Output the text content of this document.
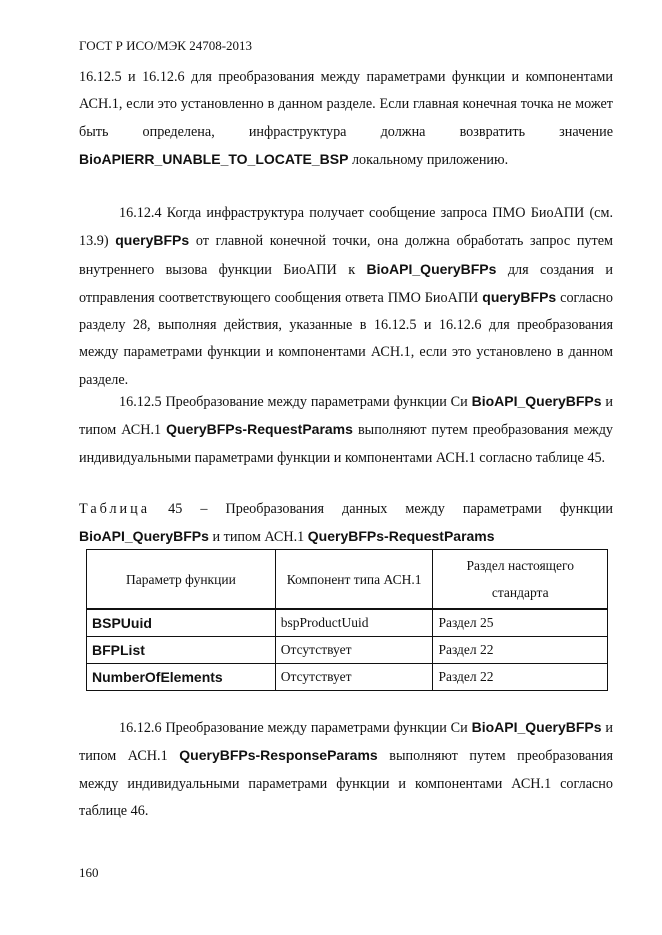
ГОСТ Р ИСО/МЭК 24708-2013
16.12.5 и 16.12.6 для преобразования между параметрами функции и компонентами АСН.1, если это установленно в данном разделе. Если главная конечная точка не может быть определена, инфраструктура должна возвратить значение BioAPIERR_UNABLE_TO_LOCATE_BSP локальному приложению.
16.12.4 Когда инфраструктура получает сообщение запроса ПМО БиоАПИ (см. 13.9) queryBFPs от главной конечной точки, она должна обработать запрос путем внутреннего вызова функции БиоАПИ к BioAPI_QueryBFPs для создания и отправления соответствующего сообщения ответа ПМО БиоАПИ queryBFPs согласно разделу 28, выполняя действия, указанные в 16.12.5 и 16.12.6 для преобразования между параметрами функции и компонентами АСН.1, если это установлено в данном разделе.
16.12.5 Преобразование между параметрами функции Си BioAPI_QueryBFPs и типом АСН.1 QueryBFPs-RequestParams выполняют путем преобразования между индивидуальными параметрами функции и компонентами АСН.1 согласно таблице 45.
Таблица 45 – Преобразования данных между параметрами функции BioAPI_QueryBFPs и типом АСН.1 QueryBFPs-RequestParams
Параметр функции	Компонент типа АСН.1	Раздел настоящего стандарта
BSPUuid	bspProductUuid	Раздел 25
BFPList	Отсутствует	Раздел 22
NumberOfElements	Отсутствует	Раздел 22
16.12.6 Преобразование между параметрами функции Си BioAPI_QueryBFPs и типом АСН.1 QueryBFPs-ResponseParams выполняют путем преобразования между индивидуальными параметрами функции и компонентами АСН.1 согласно таблице 46.
160
